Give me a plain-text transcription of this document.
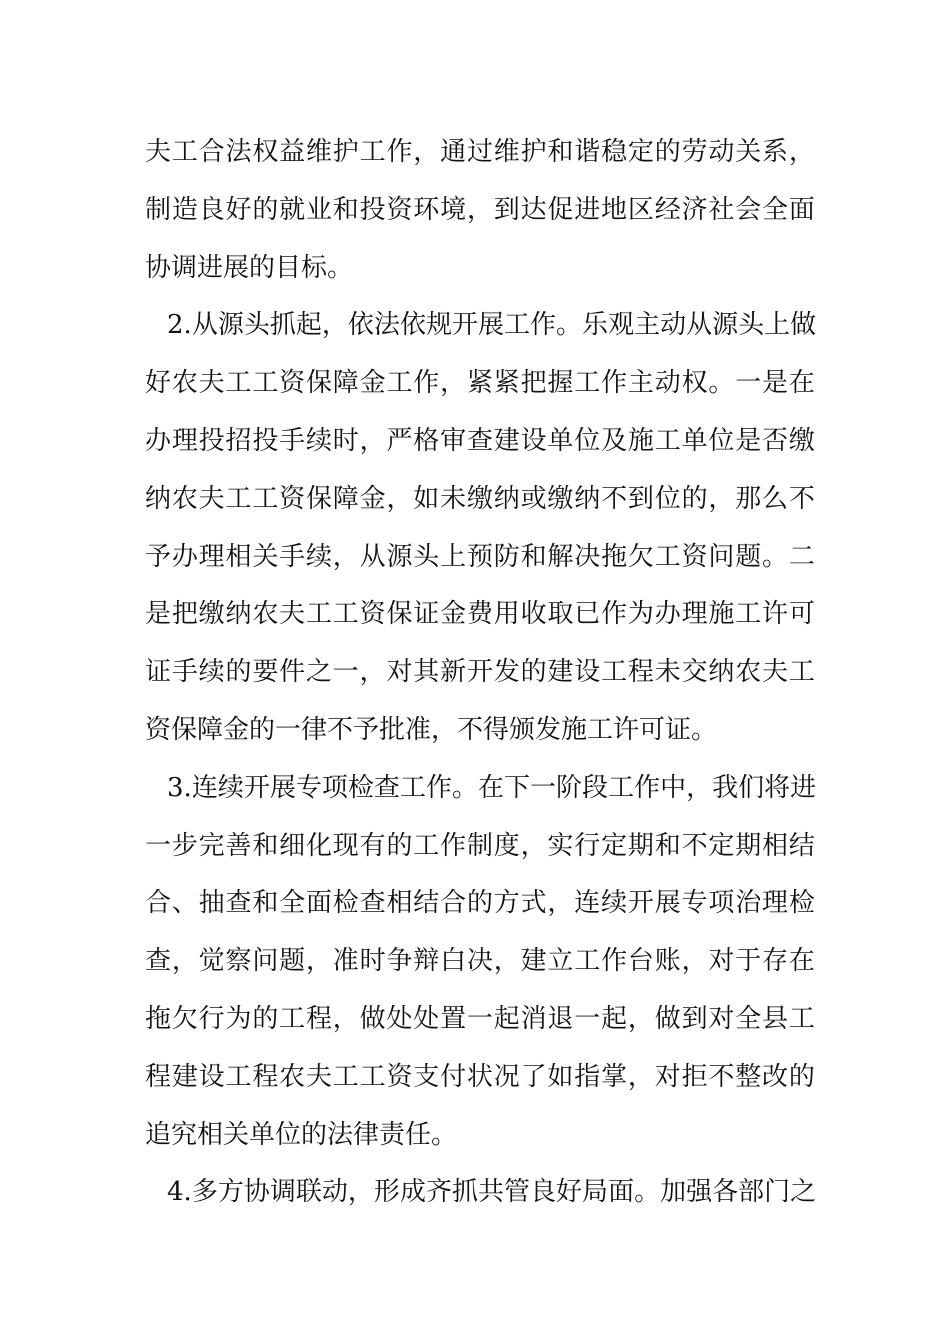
夫 工 合 法 权 益 维 护 工 作 ， 通 过 维 护 和 谐 稳 定 的 劳 动 关 系 ，
制 造 良 好 的 就 业 和 投 资 环 境 ， 到 达 促 进 地 区 经 济 社 会 全 面
协调进展的目标。
2 . 从 源 头 抓 起 ， 依 法 依 规 开 展 工 作 。 乐 观 主 动 从 源 头 上 做
好 农 夫 工 工 资 保 障 金 工 作 ， 紧 紧 把 握 工 作 主 动 权 。 一 是 在
办 理 投 招 投 手 续 时 ， 严 格 审 查 建 设 单 位 及 施 工 单 位 是 否 缴
纳 农 夫 工 工 资 保 障 金 ， 如 未 缴 纳 或 缴 纳 不 到 位 的 ， 那 么 不
予 办 理 相 关 手 续 ， 从 源 头 上 预 防 和 解 决 拖 欠 工 资 问 题 。 二
是 把 缴 纳 农 夫 工 工 资 保 证 金 费 用 收 取 已 作 为 办 理 施 工 许 可
证 手 续 的 要 件 之 一 ， 对 其 新 开 发 的 建 设 工 程 未 交 纳 农 夫 工
资保障金的一律不予批准，不得颁发施工许可证。
3 . 连 续 开 展 专 项 检 查 工 作 。 在 下 一 阶 段 工 作 中 ， 我 们 将 进
一 步 完 善 和 细 化 现 有 的 工 作 制 度 ， 实 行 定 期 和 不 定 期 相 结
合 、 抽 查 和 全 面 检 查 相 结 合 的 方 式 ， 连 续 开 展 专 项 治 理 检
查 ， 觉 察 问 题 ， 准 时 争 辩 白 决 ， 建 立 工 作 台 账 ， 对 于 存 在
拖 欠 行 为 的 工 程 ， 做 处 处 置 一 起 消 退 一 起 ， 做 到 对 全 县 工
程 建 设 工 程 农 夫 工 工 资 支 付 状 况 了 如 指 掌 ， 对 拒 不 整 改 的
追究相关单位的法律责任。
4 . 多 方 协 调 联 动 ， 形 成 齐 抓 共 管 良 好 局 面 。 加 强 各 部 门 之
